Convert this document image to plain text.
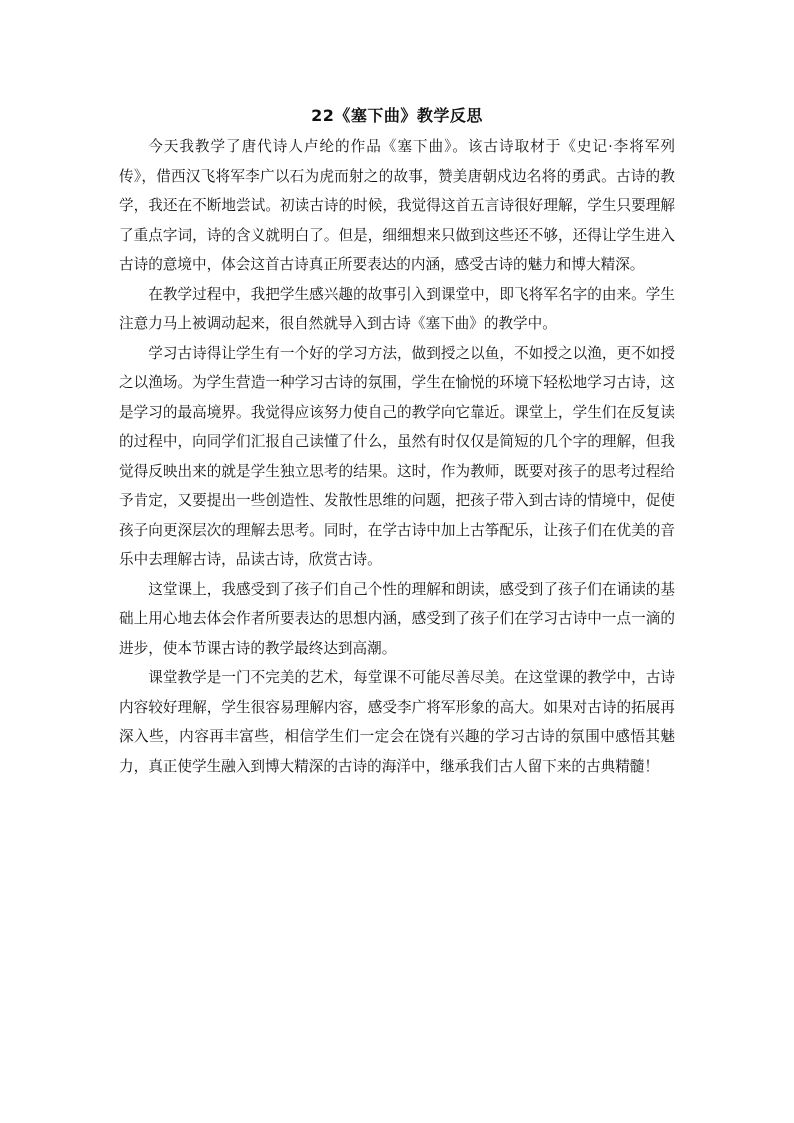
22《塞下曲》教学反思

今天我教学了唐代诗人卢纶的作品《塞下曲》。该古诗取材于《史记·李将军列传》，借西汉飞将军李广以石为虎而射之的故事，赞美唐朝戍边名将的勇武。古诗的教学，我还在不断地尝试。初读古诗的时候，我觉得这首五言诗很好理解，学生只要理解了重点字词，诗的含义就明白了。但是，细细想来只做到这些还不够，还得让学生进入古诗的意境中，体会这首古诗真正所要表达的内涵，感受古诗的魅力和博大精深。

在教学过程中，我把学生感兴趣的故事引入到课堂中，即飞将军名字的由来。学生注意力马上被调动起来，很自然就导入到古诗《塞下曲》的教学中。

学习古诗得让学生有一个好的学习方法，做到授之以鱼，不如授之以渔，更不如授之以渔场。为学生营造一种学习古诗的氛围，学生在愉悦的环境下轻松地学习古诗，这是学习的最高境界。我觉得应该努力使自己的教学向它靠近。课堂上，学生们在反复读的过程中，向同学们汇报自己读懂了什么，虽然有时仅仅是简短的几个字的理解，但我觉得反映出来的就是学生独立思考的结果。这时，作为教师，既要对孩子的思考过程给予肯定，又要提出一些创造性、发散性思维的问题，把孩子带入到古诗的情境中，促使孩子向更深层次的理解去思考。同时，在学古诗中加上古筝配乐，让孩子们在优美的音乐中去理解古诗，品读古诗，欣赏古诗。

这堂课上，我感受到了孩子们自己个性的理解和朗读，感受到了孩子们在诵读的基础上用心地去体会作者所要表达的思想内涵，感受到了孩子们在学习古诗中一点一滴的进步，使本节课古诗的教学最终达到高潮。

课堂教学是一门不完美的艺术，每堂课不可能尽善尽美。在这堂课的教学中，古诗内容较好理解，学生很容易理解内容，感受李广将军形象的高大。如果对古诗的拓展再深入些，内容再丰富些，相信学生们一定会在饶有兴趣的学习古诗的氛围中感悟其魅力，真正使学生融入到博大精深的古诗的海洋中，继承我们古人留下来的古典精髓！
